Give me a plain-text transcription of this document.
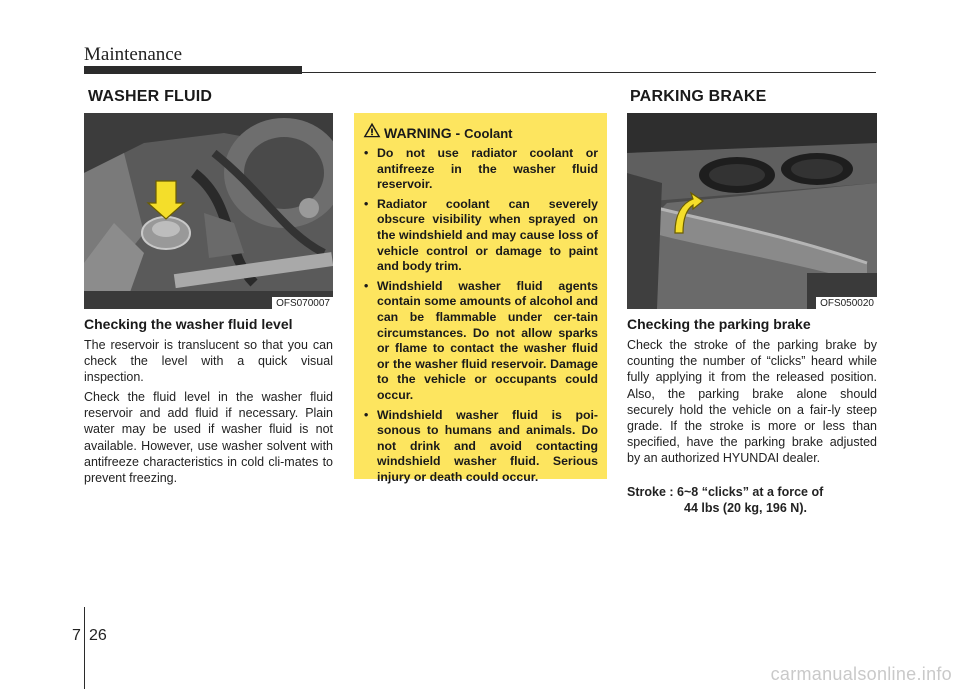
Maintenance
WASHER FLUID
OFS070007
Checking the washer fluid level

The reservoir is translucent so that you can check the level with a quick visual inspection.

Check the fluid level in the washer fluid reservoir and add fluid if necessary. Plain water may be used if washer fluid is not available. However, use washer solvent with antifreeze characteristics in cold cli-mates to prevent freezing.

WARNING - Coolant
• Do not use radiator coolant or antifreeze in the washer fluid reservoir.
• Radiator coolant can severely obscure visibility when sprayed on the windshield and may cause loss of vehicle control or damage to paint and body trim.
• Windshield washer fluid agents contain some amounts of alcohol and can be flammable under cer-tain circumstances. Do not allow sparks or flame to contact the washer fluid or the washer fluid reservoir. Damage to the vehicle or occupants could occur.
• Windshield washer fluid is poi-sonous to humans and animals. Do not drink and avoid contacting windshield washer fluid. Serious injury or death could occur.
PARKING BRAKE
OFS050020
Checking the parking brake

Check the stroke of the parking brake by counting the number of “clicks” heard while fully applying it from the released position. Also, the parking brake alone should securely hold the vehicle on a fair-ly steep grade. If the stroke is more or less than specified, have the parking brake adjusted by an authorized HYUNDAI dealer.

Stroke : 6~8 “clicks” at a force of
44 lbs (20 kg, 196 N).
7 26
carmanualsonline.info
